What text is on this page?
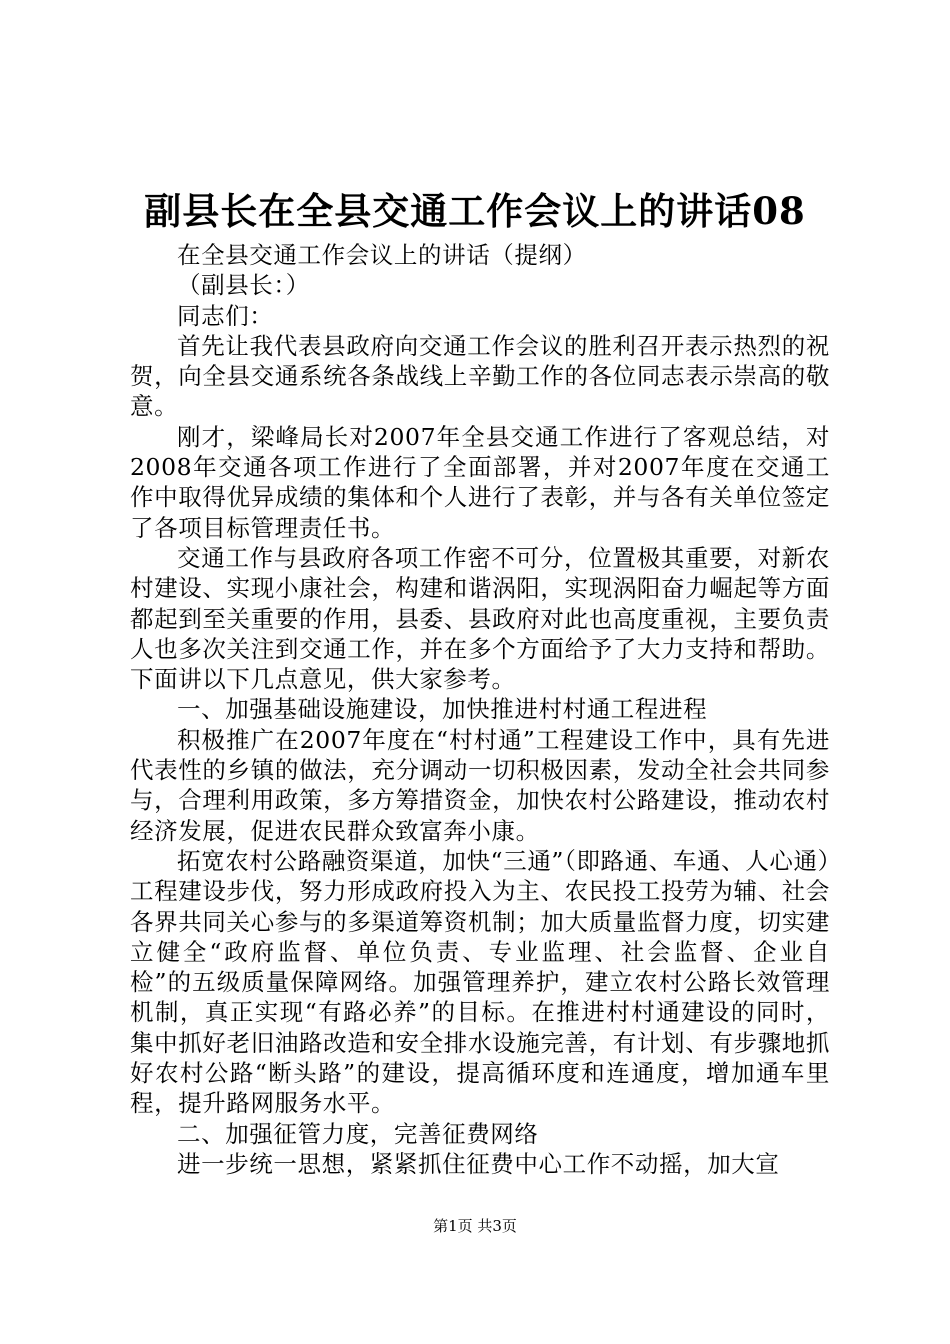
副县长在全县交通工作会议上的讲话08

在全县交通工作会议上的讲话（提纲）

（副县长：）

同志们：

首先让我代表县政府向交通工作会议的胜利召开表示热烈的祝贺，向全县交通系统各条战线上辛勤工作的各位同志表示崇高的敬意。

刚才，梁峰局长对2007年全县交通工作进行了客观总结，对2008年交通各项工作进行了全面部署，并对2007年度在交通工作中取得优异成绩的集体和个人进行了表彰，并与各有关单位签定了各项目标管理责任书。

交通工作与县政府各项工作密不可分，位置极其重要，对新农村建设、实现小康社会，构建和谐涡阳，实现涡阳奋力崛起等方面都起到至关重要的作用，县委、县政府对此也高度重视，主要负责人也多次关注到交通工作，并在多个方面给予了大力支持和帮助。下面讲以下几点意见，供大家参考。

一、加强基础设施建设，加快推进村村通工程进程

积极推广在2007年度在“村村通”工程建设工作中，具有先进代表性的乡镇的做法，充分调动一切积极因素，发动全社会共同参与，合理利用政策，多方筹措资金，加快农村公路建设，推动农村经济发展，促进农民群众致富奔小康。

拓宽农村公路融资渠道，加快“三通”（即路通、车通、人心通）工程建设步伐，努力形成政府投入为主、农民投工投劳为辅、社会各界共同关心参与的多渠道筹资机制；加大质量监督力度，切实建立健全“政府监督、单位负责、专业监理、社会监督、企业自检”的五级质量保障网络。加强管理养护，建立农村公路长效管理机制，真正实现“有路必养”的目标。在推进村村通建设的同时，集中抓好老旧油路改造和安全排水设施完善，有计划、有步骤地抓好农村公路“断头路”的建设，提高循环度和连通度，增加通车里程，提升路网服务水平。

二、加强征管力度，完善征费网络

进一步统一思想，紧紧抓住征费中心工作不动摇，加大宣

第1页 共3页
